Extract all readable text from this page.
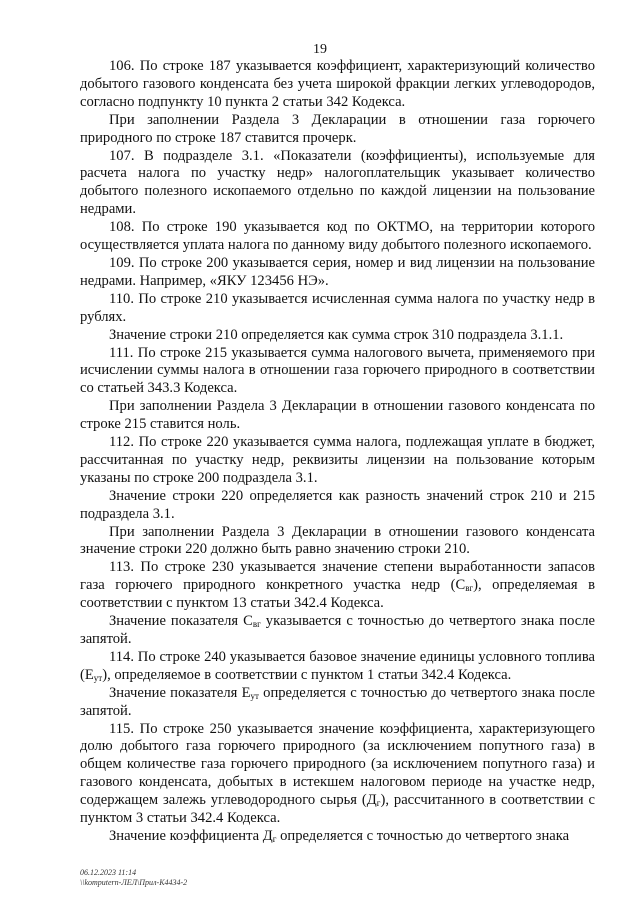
19

106. По строке 187 указывается коэффициент, характеризующий количество добытого газового конденсата без учета широкой фракции легких углеводородов, согласно подпункту 10 пункта 2 статьи 342 Кодекса.

При заполнении Раздела 3 Декларации в отношении газа горючего природного по строке 187 ставится прочерк.

107. В подразделе 3.1. «Показатели (коэффициенты), используемые для расчета налога по участку недр» налогоплательщик указывает количество добытого полезного ископаемого отдельно по каждой лицензии на пользование недрами.

108. По строке 190 указывается код по ОКТМО, на территории которого осуществляется уплата налога по данному виду добытого полезного ископаемого.

109. По строке 200 указывается серия, номер и вид лицензии на пользование недрами. Например, «ЯКУ 123456 НЭ».

110. По строке 210 указывается исчисленная сумма налога по участку недр в рублях.

Значение строки 210 определяется как сумма строк 310 подраздела 3.1.1.

111. По строке 215 указывается сумма налогового вычета, применяемого при исчислении суммы налога в отношении газа горючего природного в соответствии со статьей 343.3 Кодекса.

При заполнении Раздела 3 Декларации в отношении газового конденсата по строке 215 ставится ноль.

112. По строке 220 указывается сумма налога, подлежащая уплате в бюджет, рассчитанная по участку недр, реквизиты лицензии на пользование которым указаны по строке 200 подраздела 3.1.

Значение строки 220 определяется как разность значений строк 210 и 215 подраздела 3.1.

При заполнении Раздела 3 Декларации в отношении газового конденсата значение строки 220 должно быть равно значению строки 210.

113. По строке 230 указывается значение степени выработанности запасов газа горючего природного конкретного участка недр $(С_{вг})$, определяемая в соответствии с пунктом 13 статьи 342.4 Кодекса.

Значение показателя $С_{вг}$ указывается с точностью до четвертого знака после запятой.

114. По строке 240 указывается базовое значение единицы условного топлива $(Е_{ут})$, определяемое в соответствии с пунктом 1 статьи 342.4 Кодекса.

Значение показателя $Е_{ут}$ определяется с точностью до четвертого знака после запятой.

115. По строке 250 указывается значение коэффициента, характеризующего долю добытого газа горючего природного (за исключением попутного газа) в общем количестве газа горючего природного (за исключением попутного газа) и газового конденсата, добытых в истекшем налоговом периоде на участке недр, содержащем залежь углеводородного сырья $(Д_г)$, рассчитанного в соответствии с пунктом 3 статьи 342.4 Кодекса.

Значение коэффициента $Д_г$ определяется с точностью до четвертого знака

06.12.2023 11:14
\\komputern-ЛЕЛ\Прил-К4434-2
